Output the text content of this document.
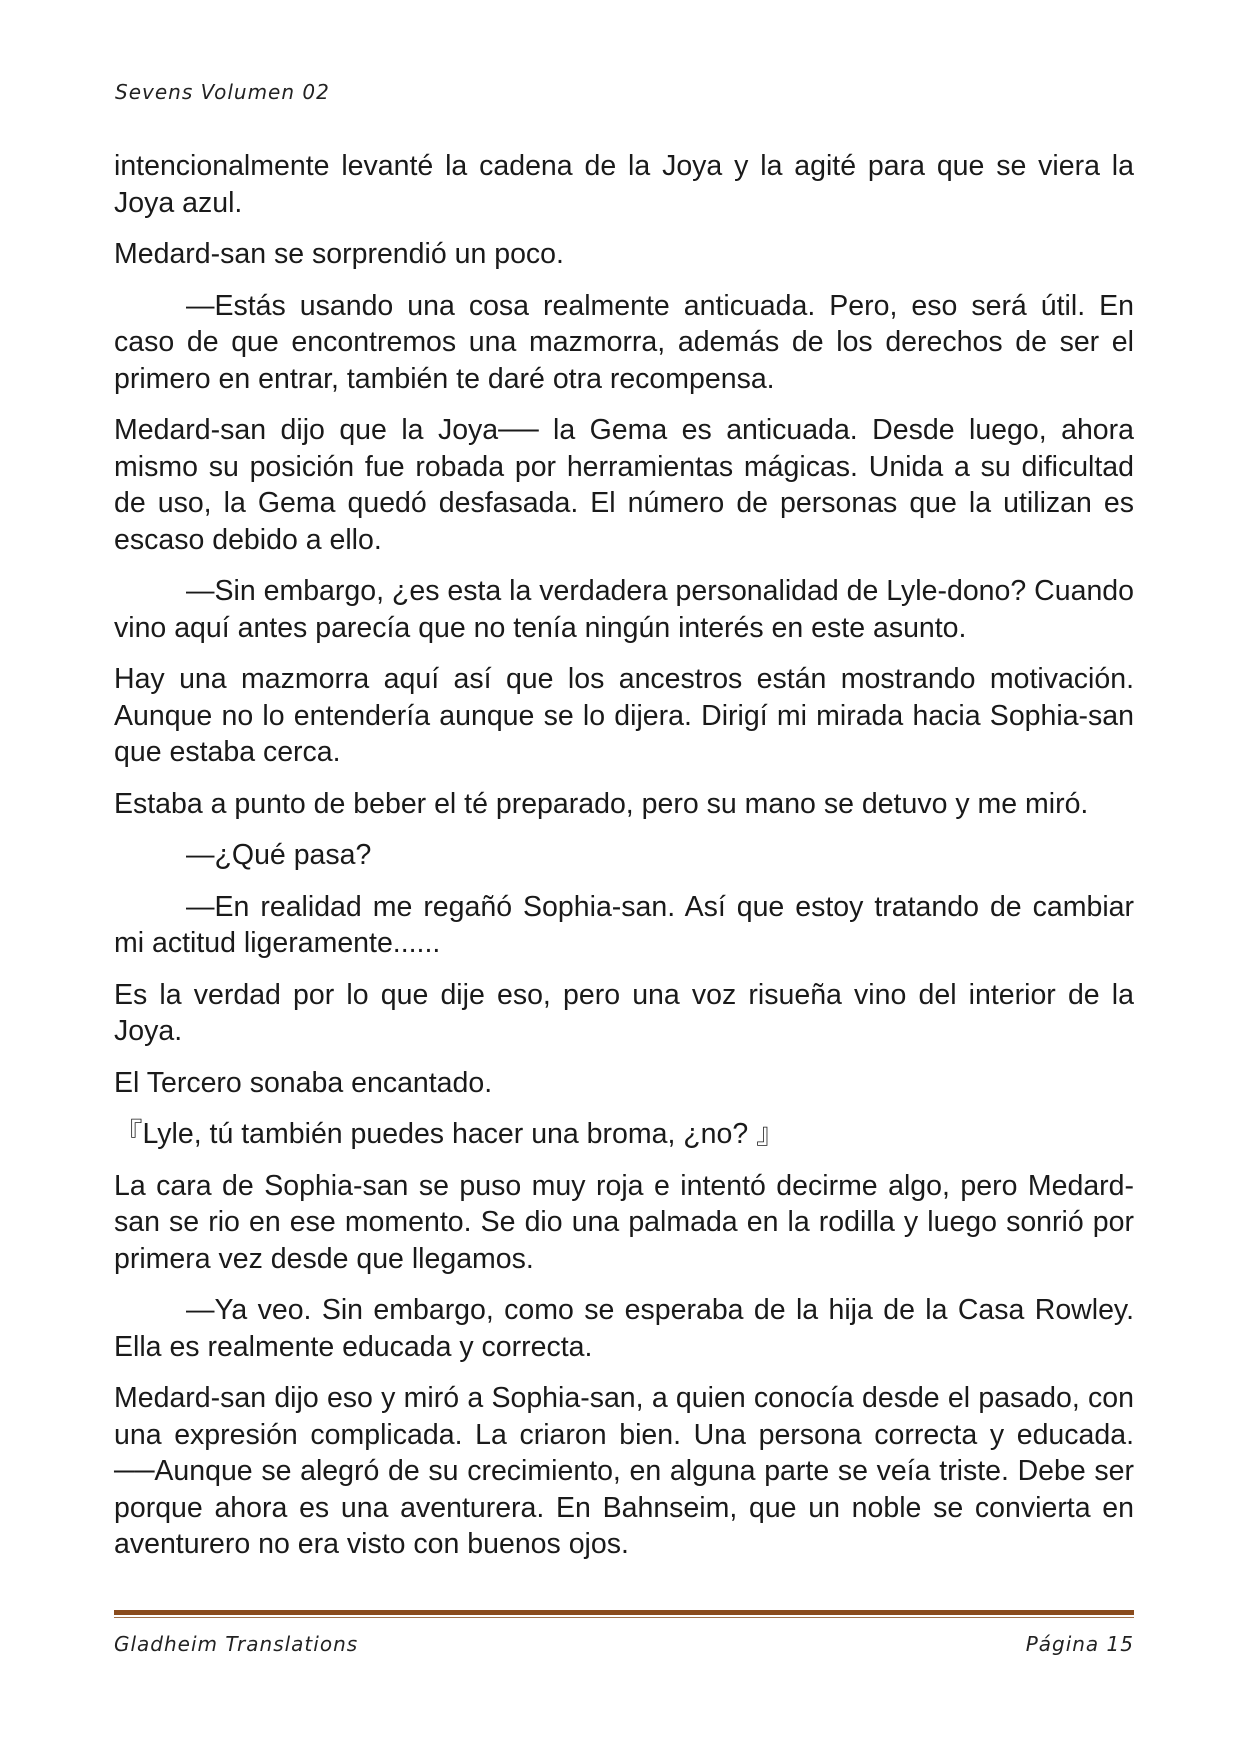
Sevens Volumen 02

intencionalmente levanté la cadena de la Joya y la agité para que se viera la Joya azul.

Medard-san se sorprendió un poco.

—Estás usando una cosa realmente anticuada. Pero, eso será útil. En caso de que encontremos una mazmorra, además de los derechos de ser el primero en entrar, también te daré otra recompensa.

Medard-san dijo que la Joya── la Gema es anticuada. Desde luego, ahora mismo su posición fue robada por herramientas mágicas. Unida a su dificultad de uso, la Gema quedó desfasada. El número de personas que la utilizan es escaso debido a ello.

—Sin embargo, ¿es esta la verdadera personalidad de Lyle-dono? Cuando vino aquí antes parecía que no tenía ningún interés en este asunto.

Hay una mazmorra aquí así que los ancestros están mostrando motivación. Aunque no lo entendería aunque se lo dijera. Dirigí mi mirada hacia Sophia-san que estaba cerca.

Estaba a punto de beber el té preparado, pero su mano se detuvo y me miró.

—¿Qué pasa?

—En realidad me regañó Sophia-san. Así que estoy tratando de cambiar mi actitud ligeramente......

Es la verdad por lo que dije eso, pero una voz risueña vino del interior de la Joya.

El Tercero sonaba encantado.

『Lyle, tú también puedes hacer una broma, ¿no? 』

La cara de Sophia-san se puso muy roja e intentó decirme algo, pero Medard-san se rio en ese momento. Se dio una palmada en la rodilla y luego sonrió por primera vez desde que llegamos.

—Ya veo. Sin embargo, como se esperaba de la hija de la Casa Rowley. Ella es realmente educada y correcta.

Medard-san dijo eso y miró a Sophia-san, a quien conocía desde el pasado, con una expresión complicada. La criaron bien. Una persona correcta y educada. ──Aunque se alegró de su crecimiento, en alguna parte se veía triste. Debe ser porque ahora es una aventurera. En Bahnseim, que un noble se convierta en aventurero no era visto con buenos ojos.

Gladheim Translations	Página 15
